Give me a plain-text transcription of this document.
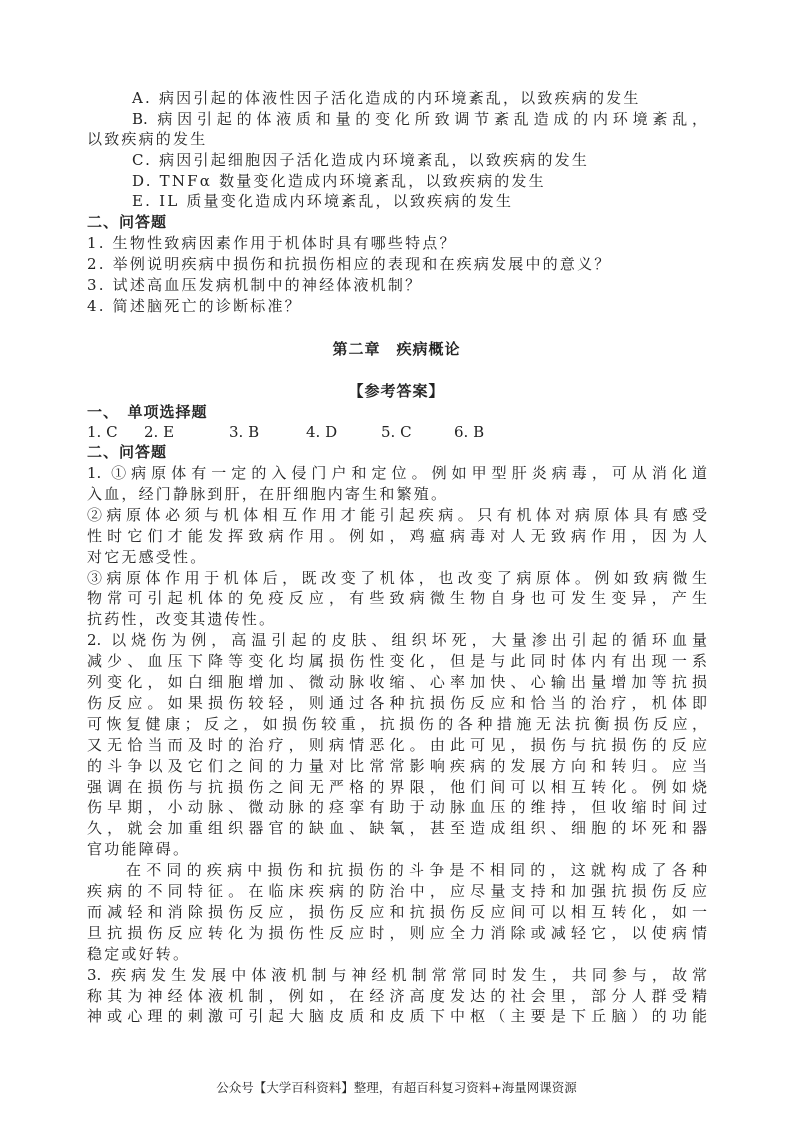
A. 病因引起的体液性因子活化造成的内环境紊乱，以致疾病的发生
B. 病因引起的体液质和量的变化所致调节紊乱造成的内环境紊乱，
以致疾病的发生
C. 病因引起细胞因子活化造成内环境紊乱，以致疾病的发生
D. TNFα 数量变化造成内环境紊乱，以致疾病的发生
E. IL 质量变化造成内环境紊乱，以致疾病的发生
二、问答题
1. 生物性致病因素作用于机体时具有哪些特点？
2. 举例说明疾病中损伤和抗损伤相应的表现和在疾病发展中的意义？
3. 试述高血压发病机制中的神经体液机制？
4. 简述脑死亡的诊断标准？
第二章　疾病概论
【参考答案】
一、　单项选择题
1. C 2. E	3. B	4. D	5. C	6. B
二、问答题
1. ①病原体有一定的入侵门户和定位。例如甲型肝炎病毒，可从消化道
入血，经门静脉到肝，在肝细胞内寄生和繁殖。
②病原体必须与机体相互作用才能引起疾病。只有机体对病原体具有感受
性时它们才能发挥致病作用。例如，鸡瘟病毒对人无致病作用，因为人
对它无感受性。
③病原体作用于机体后，既改变了机体，也改变了病原体。例如致病微生
物常可引起机体的免疫反应，有些致病微生物自身也可发生变异，产生
抗药性，改变其遗传性。
2. 以烧伤为例，高温引起的皮肤、组织坏死，大量渗出引起的循环血量
减少、血压下降等变化均属损伤性变化，但是与此同时体内有出现一系
列变化，如白细胞增加、微动脉收缩、心率加快、心输出量增加等抗损
伤反应。如果损伤较轻，则通过各种抗损伤反应和恰当的治疗，机体即
可恢复健康；反之，如损伤较重，抗损伤的各种措施无法抗衡损伤反应，
又无恰当而及时的治疗，则病情恶化。由此可见，损伤与抗损伤的反应
的斗争以及它们之间的力量对比常常影响疾病的发展方向和转归。应当
强调在损伤与抗损伤之间无严格的界限，他们间可以相互转化。例如烧
伤早期，小动脉、微动脉的痉挛有助于动脉血压的维持，但收缩时间过
久，就会加重组织器官的缺血、缺氧，甚至造成组织、细胞的坏死和器
官功能障碍。
在不同的疾病中损伤和抗损伤的斗争是不相同的，这就构成了各种
疾病的不同特征。在临床疾病的防治中，应尽量支持和加强抗损伤反应
而减轻和消除损伤反应，损伤反应和抗损伤反应间可以相互转化，如一
旦抗损伤反应转化为损伤性反应时，则应全力消除或减轻它，以使病情
稳定或好转。
3. 疾病发生发展中体液机制与神经机制常常同时发生，共同参与，故常
称其为神经体液机制，例如，在经济高度发达的社会里，部分人群受精
神或心理的刺激可引起大脑皮质和皮质下中枢（主要是下丘脑）的功能
公众号【大学百科资料】整理，有超百科复习资料+海量网课资源
